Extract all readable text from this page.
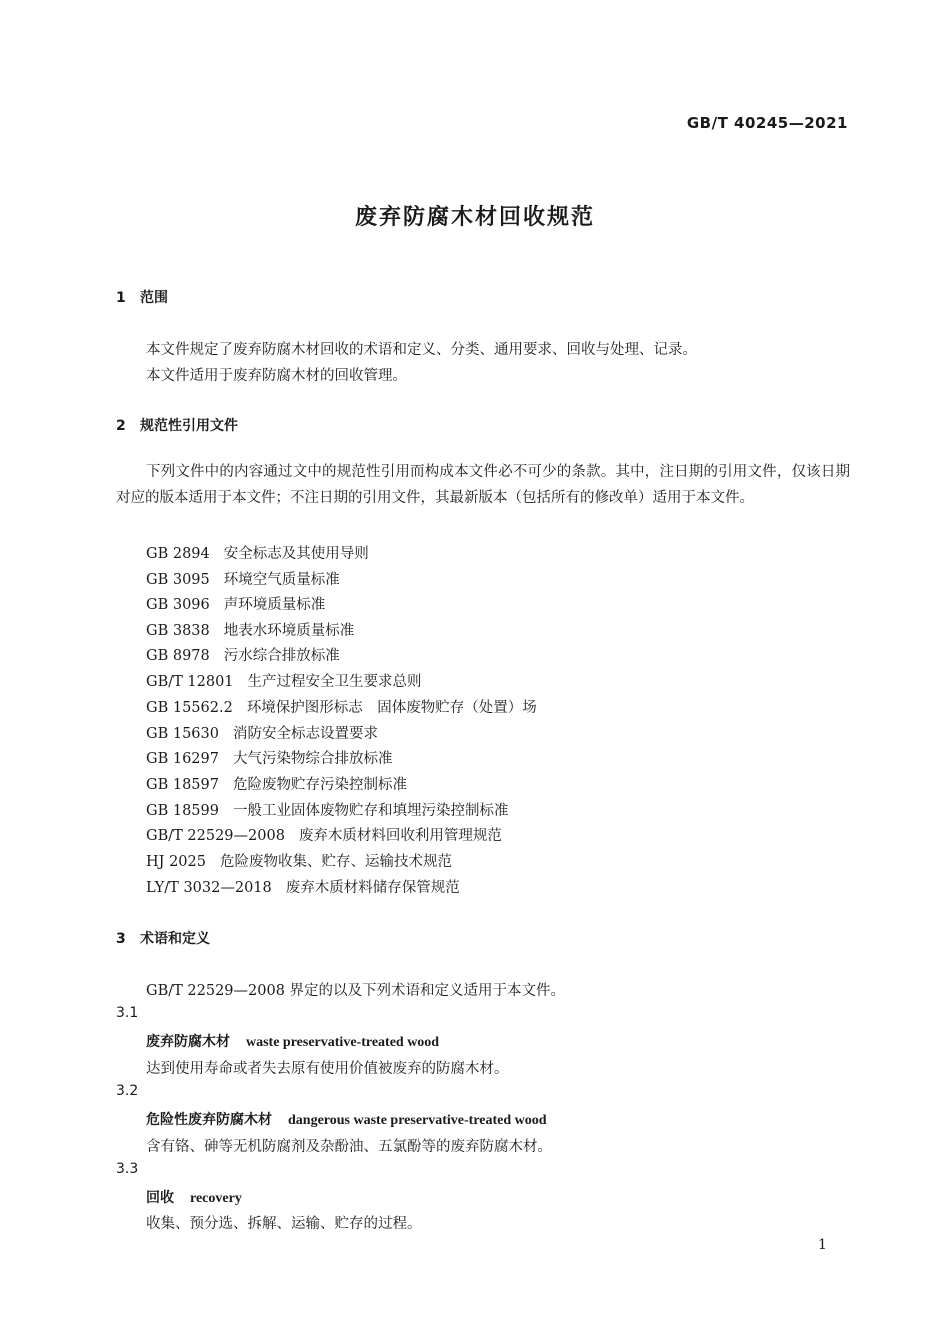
GB/T 40245—2021
废弃防腐木材回收规范
1 范围
本文件规定了废弃防腐木材回收的术语和定义、分类、通用要求、回收与处理、记录。
本文件适用于废弃防腐木材的回收管理。
2 规范性引用文件

下列文件中的内容通过文中的规范性引用而构成本文件必不可少的条款。其中，注日期的引用文件，仅该日期对应的版本适用于本文件；不注日期的引用文件，其最新版本（包括所有的修改单）适用于本文件。

GB 2894 安全标志及其使用导则
GB 3095 环境空气质量标准
GB 3096 声环境质量标准
GB 3838 地表水环境质量标准
GB 8978 污水综合排放标准
GB/T 12801 生产过程安全卫生要求总则
GB 15562.2 环境保护图形标志　固体废物贮存（处置）场
GB 15630 消防安全标志设置要求
GB 16297 大气污染物综合排放标准
GB 18597 危险废物贮存污染控制标准
GB 18599 一般工业固体废物贮存和填埋污染控制标准
GB/T 22529—2008 废弃木质材料回收利用管理规范
HJ 2025 危险废物收集、贮存、运输技术规范
LY/T 3032—2018 废弃木质材料储存保管规范
3 术语和定义
GB/T 22529—2008 界定的以及下列术语和定义适用于本文件。
3.1
废弃防腐木材 waste preservative-treated wood
达到使用寿命或者失去原有使用价值被废弃的防腐木材。
3.2
危险性废弃防腐木材 dangerous waste preservative-treated wood
含有铬、砷等无机防腐剂及杂酚油、五氯酚等的废弃防腐木材。
3.3
回收 recovery
收集、预分选、拆解、运输、贮存的过程。
1
